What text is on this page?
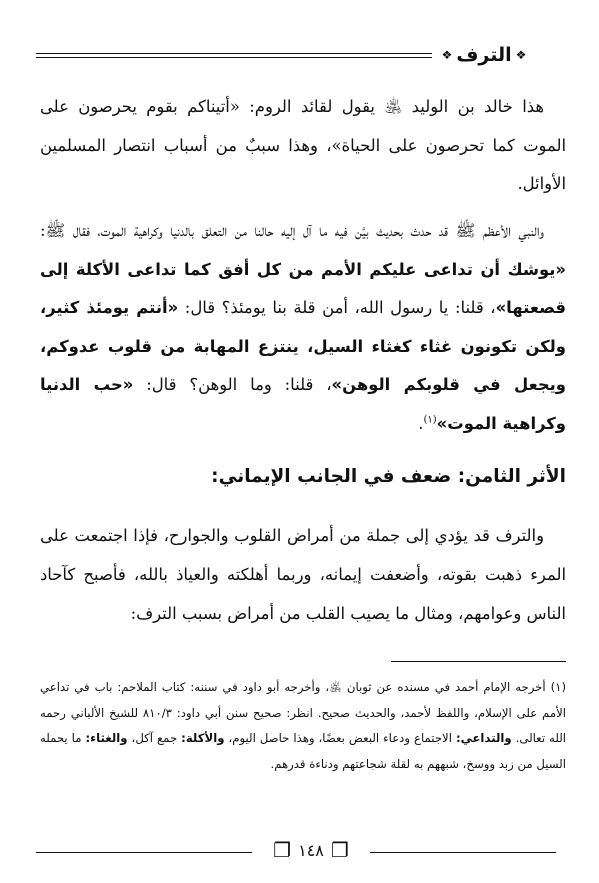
❖ الترف ❖

هذا خالد بن الوليد ﵁ يقول لقائد الروم: «أتيناكم بقوم يحرصون على الموت كما تحرصون على الحياة»، وهذا سببٌ من أسباب انتصار المسلمين الأوائل.

والنبي الأعظم ﷺ قد حدث بحديث بيَّن فيه ما آل إليه حالنا من التعلق بالدنيا وكراهية الموت، فقال ﷺ: «يوشك أن تداعى عليكم الأمم من كل أفق كما تداعى الأكلة إلى قصعتها»، قلنا: يا رسول الله، أمن قلة بنا يومئذ؟ قال: «أنتم يومئذ كثير، ولكن تكونون غثاء كغثاء السيل، ينتزع المهابة من قلوب عدوكم، ويجعل في قلوبكم الوهن»، قلنا: وما الوهن؟ قال: «حب الدنيا وكراهية الموت»$^{(١)}$.

الأثر الثامن: ضعف في الجانب الإيماني:

والترف قد يؤدي إلى جملة من أمراض القلوب والجوارح، فإذا اجتمعت على المرء ذهبت بقوته، وأضعفت إيمانه، وربما أهلكته والعياذ بالله، فأصبح كآحاد الناس وعوامهم، ومثال ما يصيب القلب من أمراض بسبب الترف:

(١) أخرجه الإمام أحمد في مسنده عن ثوبان ﵁، وأخرجه أبو داود في سننه: كتاب الملاحم: باب في تداعي الأمم على الإسلام، واللفظ لأحمد، والحديث صحيح. انظر: صحيح سنن أبي داود: ٨١٠/٣ للشيخ الألباني رحمه الله تعالى. والتداعي: الاجتماع ودعاء البعض بعضًا، وهذا حاصل اليوم، والأكلة: جمع آكل، والغثاء: ما يحمله السيل من زبد ووسخ، شبههم به لقلة شجاعتهم ودناءة قدرهم.

❐ ١٤٨ ❐
